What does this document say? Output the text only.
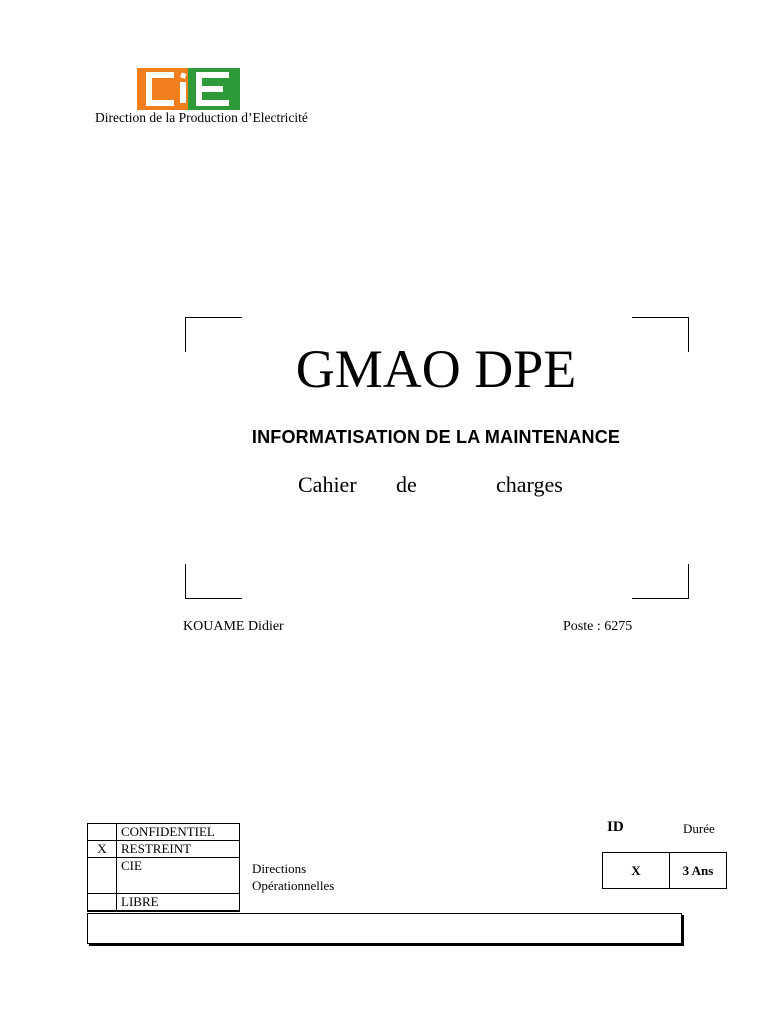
Direction de la Production d’Electricité
GMAO DPE
INFORMATISATION DE LA MAINTENANCE
Cahier de	charges
KOUAME Didier	Poste : 6275
	CONFIDENTIEL
X	RESTREINT
	CIE
	LIBRE
Directions
Opérationnelles
ID	Durée
X	3 Ans
